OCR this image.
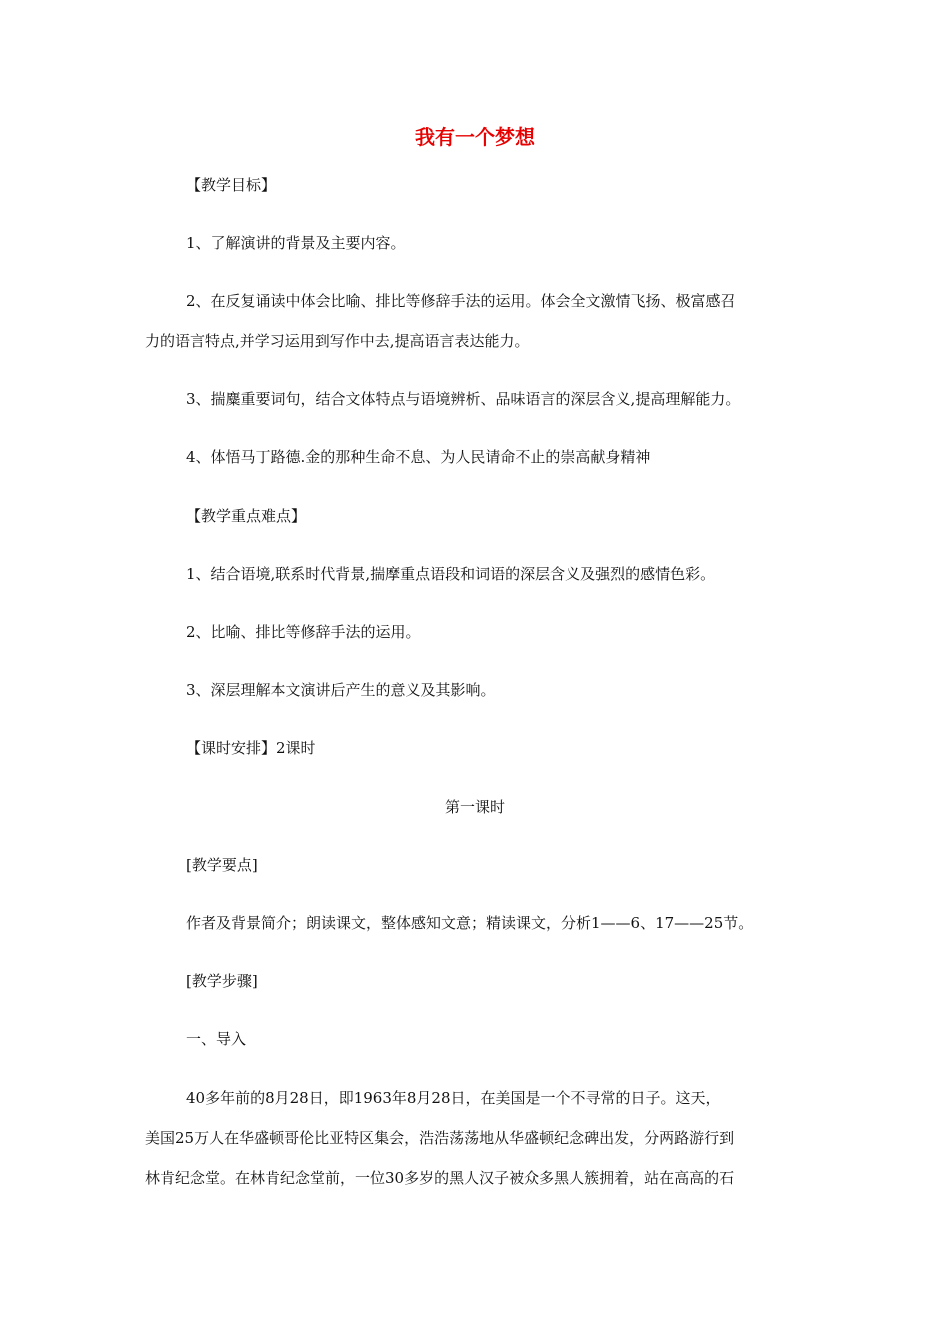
我有一个梦想
【教学目标】
1、了解演讲的背景及主要内容。
2、在反复诵读中体会比喻、排比等修辞手法的运用。体会全文激情飞扬、极富感召
力的语言特点,并学习运用到写作中去,提高语言表达能力。
3、揣麋重要词句，结合文体特点与语境辨析、品味语言的深层含义,提高理解能力。
4、体悟马丁路德.金的那种生命不息、为人民请命不止的崇高献身精神
【教学重点难点】
1、结合语境,联系时代背景,揣摩重点语段和词语的深层含义及强烈的感情色彩。
2、比喻、排比等修辞手法的运用。
3、深层理解本文演讲后产生的意义及其影响。
【课时安排】2课时
第一课时
[教学要点]
作者及背景简介；朗读课文，整体感知文意；精读课文，分析1——6、17——25节。
[教学步骤]
一、导入
40多年前的8月28日，即1963年8月28日，在美国是一个不寻常的日子。这天，
美国25万人在华盛顿哥伦比亚特区集会，浩浩荡荡地从华盛顿纪念碑出发，分两路游行到
林肯纪念堂。在林肯纪念堂前，一位30多岁的黑人汉子被众多黑人簇拥着，站在高高的石
